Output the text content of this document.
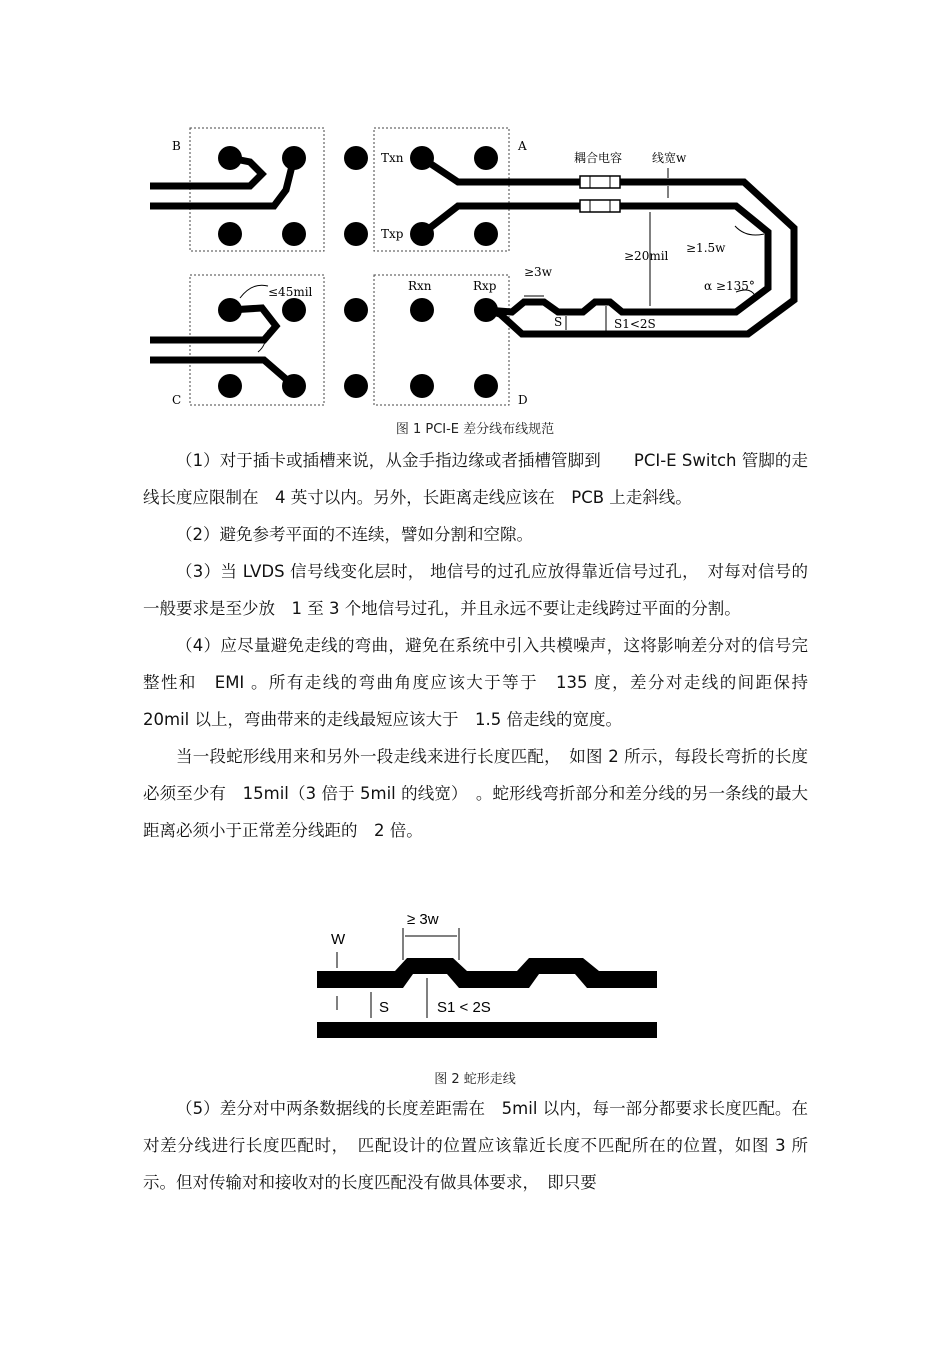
B	A
C	D
Txn
Txp
Rxn	Rxp
耦合电容 线宽w
≥3w
≤45mil
≥20mil
≥1.5w
α ≥135°
S	S1<2S
图 1 PCI-E 差分线布线规范

（1）对于插卡或插槽来说，从金手指边缘或者插槽管脚到　　PCI-E Switch 管脚的走线长度应限制在　4 英寸以内。另外，长距离走线应该在　PCB 上走斜线。

（2）避免参考平面的不连续，譬如分割和空隙。

（3）当 LVDS 信号线变化层时， 地信号的过孔应放得靠近信号过孔，　对每对信号的一般要求是至少放　1 至 3 个地信号过孔，并且永远不要让走线跨过平面的分割。

（4）应尽量避免走线的弯曲，避免在系统中引入共模噪声，这将影响差分对的信号完整性和　EMI 。所有走线的弯曲角度应该大于等于　135 度，差分对走线的间距保持 20mil 以上，弯曲带来的走线最短应该大于　1.5 倍走线的宽度。

当一段蛇形线用来和另外一段走线来进行长度匹配，　如图 2 所示，每段长弯折的长度必须至少有　15mil（3 倍于 5mil 的线宽）　。蛇形线弯折部分和差分线的另一条线的最大距离必须小于正常差分线距的　2 倍。

W
≥ 3w
S	S1 < 2S
图 2 蛇形走线

（5）差分对中两条数据线的长度差距需在　5mil 以内，每一部分都要求长度匹配。在对差分线进行长度匹配时，　匹配设计的位置应该靠近长度不匹配所在的位置，如图 3 所示。但对传输对和接收对的长度匹配没有做具体要求，　即只要
